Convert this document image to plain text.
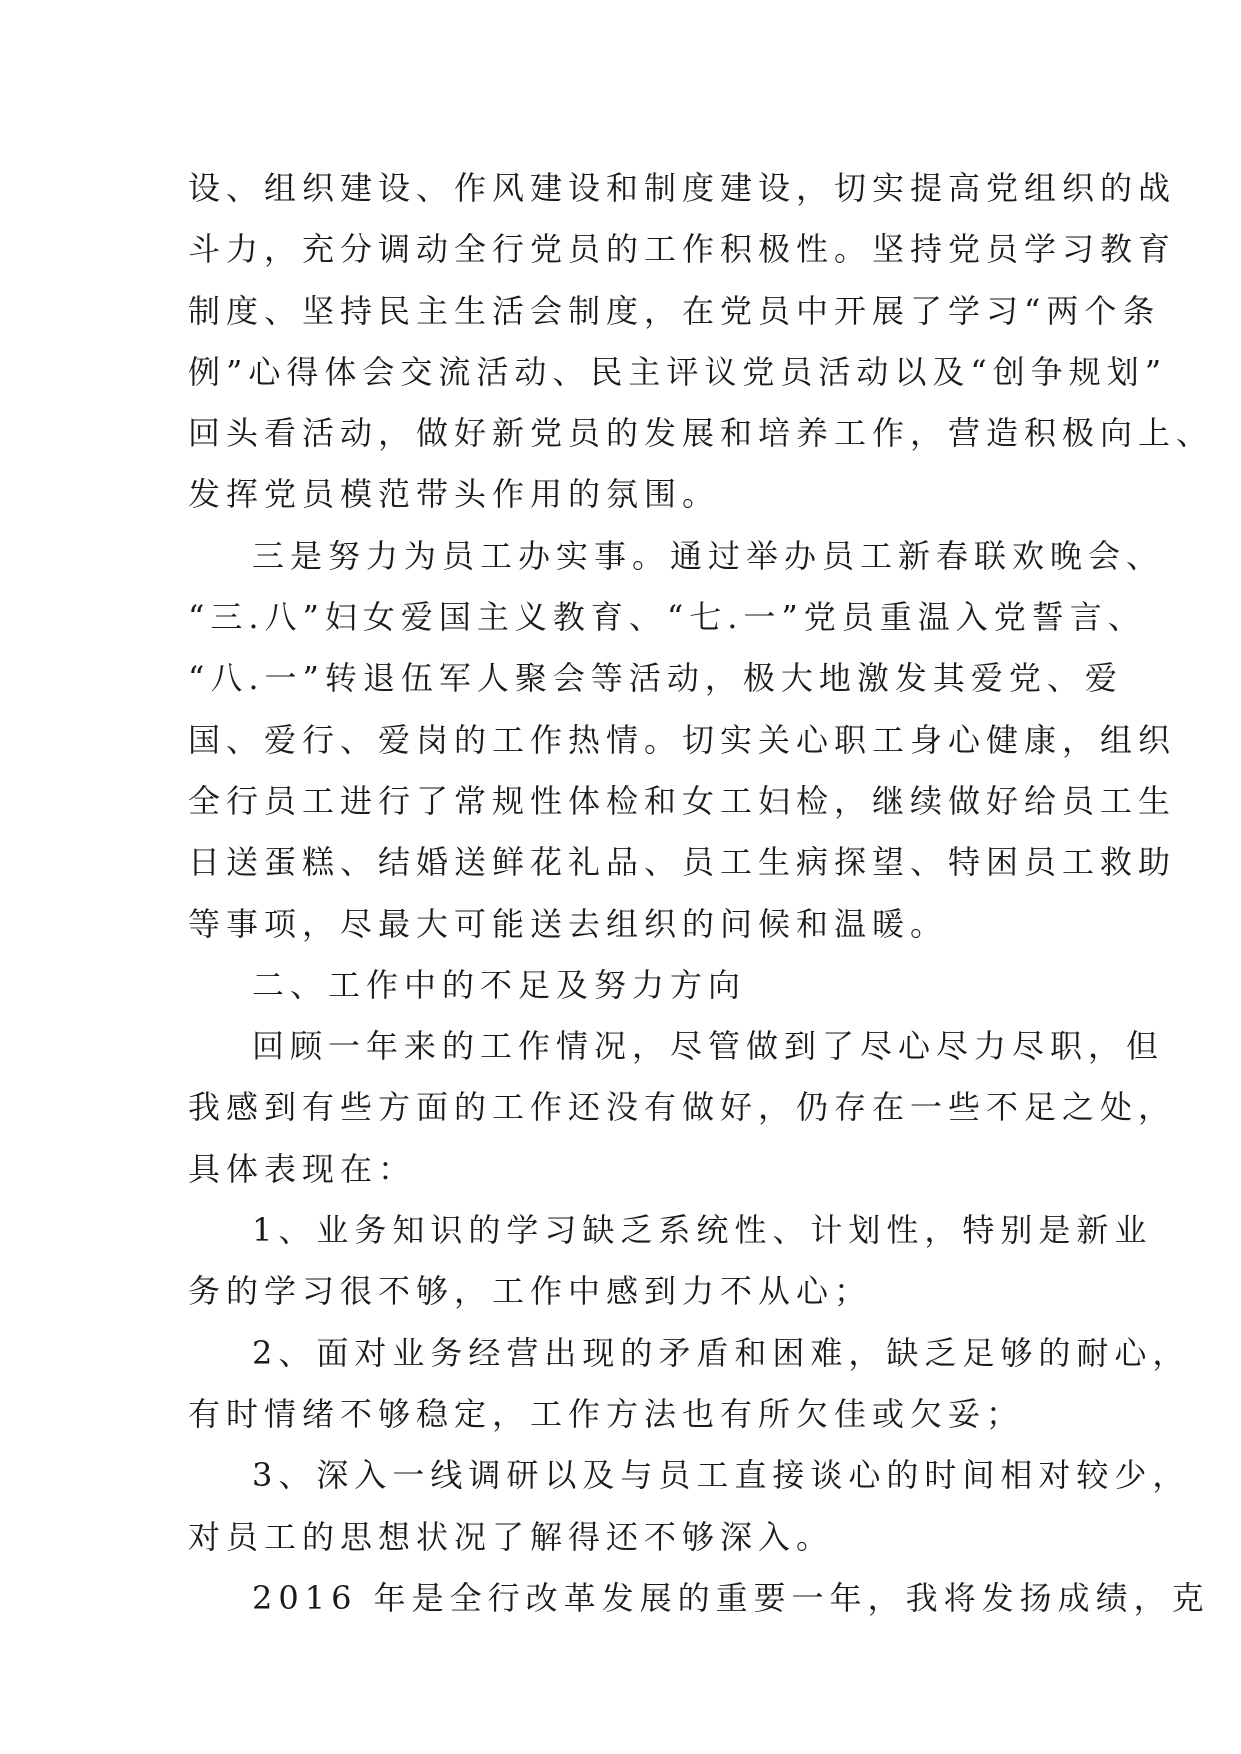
设、组织建设、作风建设和制度建设，切实提高党组织的战
斗力，充分调动全行党员的工作积极性。坚持党员学习教育
制度、坚持民主生活会制度，在党员中开展了学习“两个条
例”心得体会交流活动、民主评议党员活动以及“创争规划”
回头看活动，做好新党员的发展和培养工作，营造积极向上、
发挥党员模范带头作用的氛围。
三是努力为员工办实事。通过举办员工新春联欢晚会、
“三.八”妇女爱国主义教育、“七.一”党员重温入党誓言、
“八.一”转退伍军人聚会等活动，极大地激发其爱党、爱
国、爱行、爱岗的工作热情。切实关心职工身心健康，组织
全行员工进行了常规性体检和女工妇检，继续做好给员工生
日送蛋糕、结婚送鲜花礼品、员工生病探望、特困员工救助
等事项，尽最大可能送去组织的问候和温暖。
二、工作中的不足及努力方向
回顾一年来的工作情况，尽管做到了尽心尽力尽职，但
我感到有些方面的工作还没有做好，仍存在一些不足之处，
具体表现在：
1、业务知识的学习缺乏系统性、计划性，特别是新业
务的学习很不够，工作中感到力不从心；
2、面对业务经营出现的矛盾和困难，缺乏足够的耐心，
有时情绪不够稳定，工作方法也有所欠佳或欠妥；
3、深入一线调研以及与员工直接谈心的时间相对较少，
对员工的思想状况了解得还不够深入。
2016 年是全行改革发展的重要一年，我将发扬成绩，克
